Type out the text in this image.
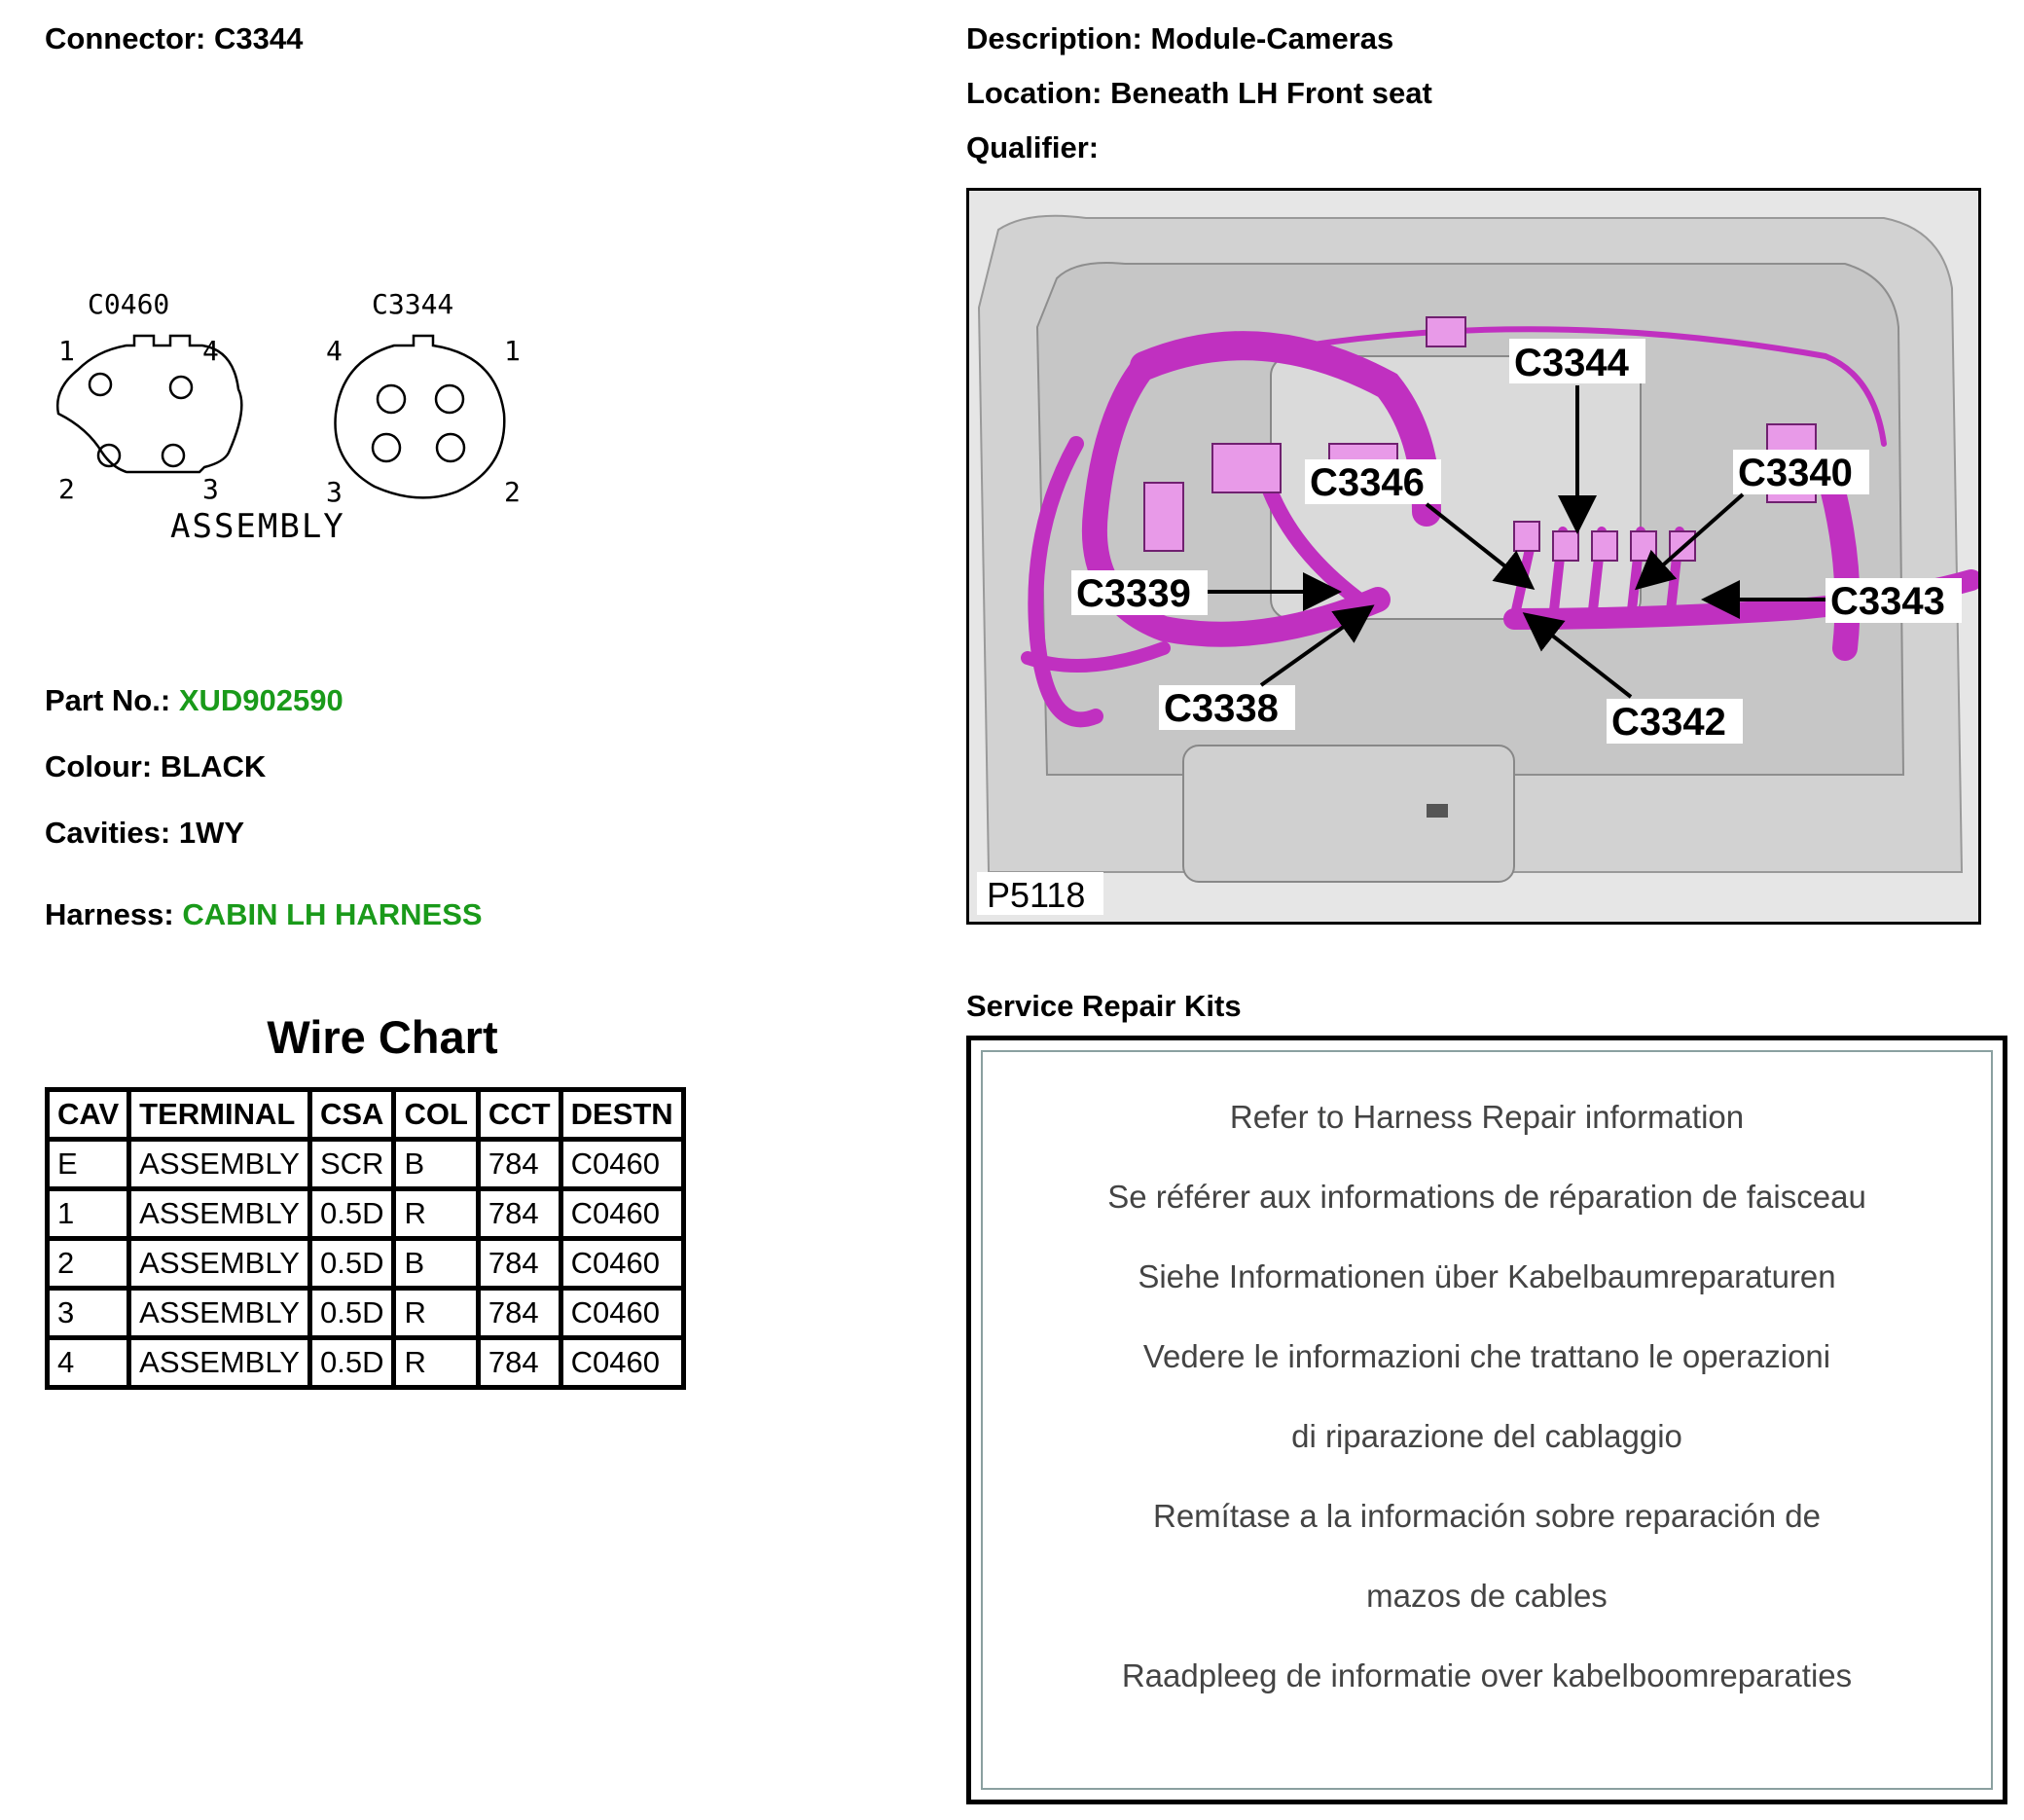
Connector: C3344	Description: Module-Cameras
Location: Beneath LH Front seat
Qualifier:
C0460	C3344
1	4
2	3
4	1
3	2
ASSEMBLY
Part No.: XUD902590
Colour: BLACK
Cavities: 1WY
Harness: CABIN LH HARNESS
C3344
C3346	C3340
C3339	C3343
C3338	C3342
P5118
Wire Chart
CAV	TERMINAL	CSA	COL	CCT	DESTN
E	ASSEMBLY	SCR	B	784	C0460
1	ASSEMBLY	0.5D	R	784	C0460
2	ASSEMBLY	0.5D	B	784	C0460
3	ASSEMBLY	0.5D	R	784	C0460
4	ASSEMBLY	0.5D	R	784	C0460
Service Repair Kits
Refer to Harness Repair information
Se référer aux informations de réparation de faisceau
Siehe Informationen über Kabelbaumreparaturen
Vedere le informazioni che trattano le operazioni
di riparazione del cablaggio
Remítase a la información sobre reparación de
mazos de cables
Raadpleeg de informatie over kabelboomreparaties
